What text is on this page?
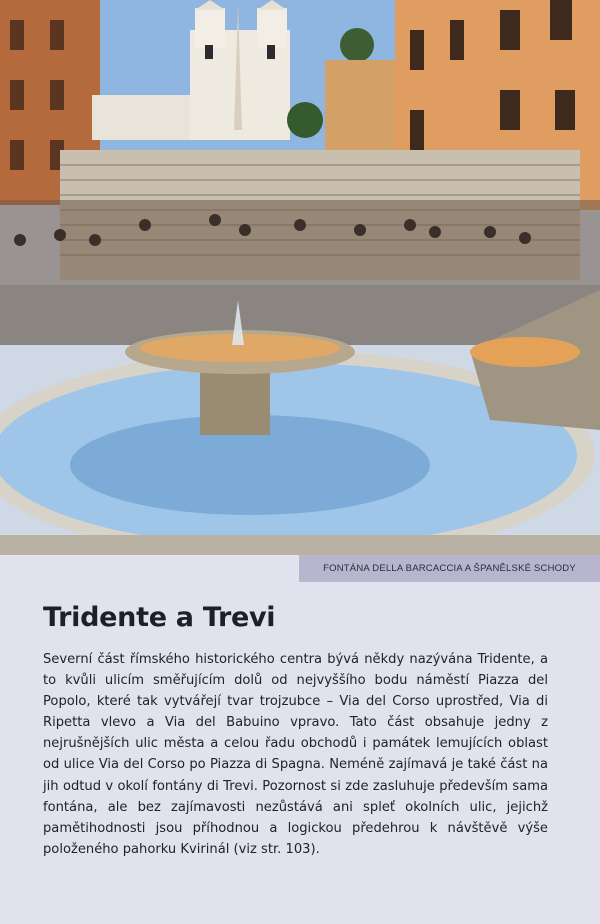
FONTÁNA DELLA BARCACCIA A ŠPANĚLSKÉ SCHODY
Tridente a Trevi

Severní část římského historického centra bývá někdy nazývána Tridente, a to kvůli ulicím směřujícím dolů od nejvyššího bodu náměstí Piazza del Popolo, které tak vytvářejí tvar trojzubce – Via del Corso uprostřed, Via di Ripetta vlevo a Via del Babuino vpravo. Tato část obsahuje jedny z nejrušnějších ulic města a celou řadu obchodů i památek lemujících oblast od ulice Via del Corso po Piazza di Spagna. Neméně zajímavá je také část na jih odtud v okolí fontány di Trevi. Pozornost si zde zasluhuje především sama fontána, ale bez zajímavosti nezůstává ani spleť okolních ulic, jejichž pamětihodnosti jsou příhodnou a logickou předehrou k návštěvě výše položeného pahorku Kvirinál (viz str. 103).
